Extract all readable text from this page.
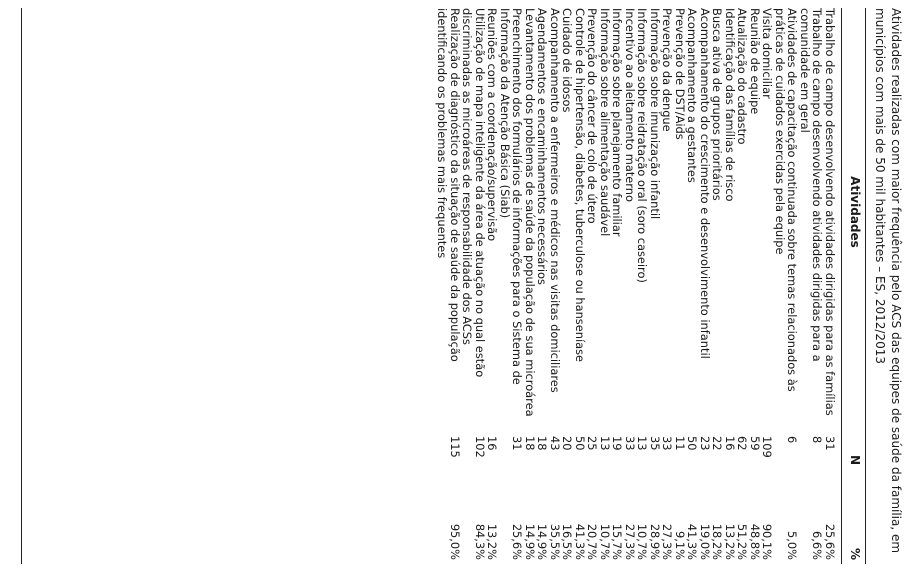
Atividades realizadas com maior frequência pelo ACS das equipes de saúde da família, em municípios com mais de 50 mil habitantes – ES, 2012/2013
Atividades
N
%
Trabalho de campo desenvolvendo atividades dirigidas para as famílias
31
25,6%
Trabalho de campo desenvolvendo atividades dirigidas para a comunidade em geral
8
6,6%
Atividades de capacitação continuada sobre temas relacionados às práticas de cuidados exercidas pela equipe
6
5,0%
Visita domiciliar
109
90,1%
Reunião de equipe
59
48,8%
Atualização do cadastro
62
51,2%
Identificação das famílias de risco
16
13,2%
Busca ativa de grupos prioritários
22
18,2%
Acompanhamento do crescimento e desenvolvimento infantil
23
19,0%
Acompanhamento a gestantes
50
41,3%
Prevenção de DST/Aids
11
9,1%
Prevenção da dengue
33
27,3%
Informação sobre imunização infantil
35
28,9%
Informação sobre reidratação oral (soro caseiro)
13
10,7%
Incentivo ao aleitamento materno
33
27,3%
Informação sobre planejamento familiar
19
15,7%
Informação sobre alimentação saudável
13
10,7%
Prevenção do câncer de colo de útero
25
20,7%
Controle de hipertensão, diabetes, tuberculose ou hanseníase
50
41,3%
Cuidado de idosos
20
16,5%
Acompanhamento a enfermeiros e médicos nas visitas domiciliares
43
35,5%
Agendamentos e encaminhamentos necessários
18
14,9%
Levantamento dos problemas de saúde da população de sua microárea
18
14,9%
Preenchimento dos formulários de informações para o Sistema de Informação da Atenção Básica (Siab)
31
25,6%
Reuniões com a coordenação/supervisão
16
13,2%
Utilização de mapa inteligente da área de atuação no qual estão discriminadas as microáreas de responsabilidade dos ACSs
102
84,3%
Realização de diagnóstico da situação de saúde da população identificando os problemas mais frequentes
115
95,0%
